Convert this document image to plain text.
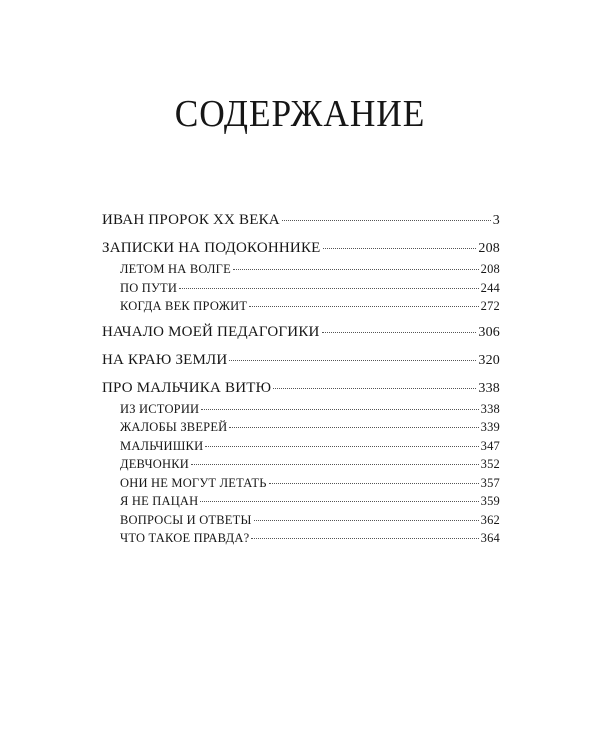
СОДЕРЖАНИЕ
ИВАН ПРОРОК XX ВЕКА	3
ЗАПИСКИ НА ПОДОКОННИКЕ	208
ЛЕТОМ НА ВОЛГЕ	208
ПО ПУТИ	244
КОГДА ВЕК ПРОЖИТ	272
НАЧАЛО МОЕЙ ПЕДАГОГИКИ	306
НА КРАЮ ЗЕМЛИ	320
ПРО МАЛЬЧИКА ВИТЮ	338
ИЗ ИСТОРИИ	338
ЖАЛОБЫ ЗВЕРЕЙ	339
МАЛЬЧИШКИ	347
ДЕВЧОНКИ	352
ОНИ НЕ МОГУТ ЛЕТАТЬ	357
Я НЕ ПАЦАН	359
ВОПРОСЫ И ОТВЕТЫ	362
ЧТО ТАКОЕ ПРАВДА?	364
